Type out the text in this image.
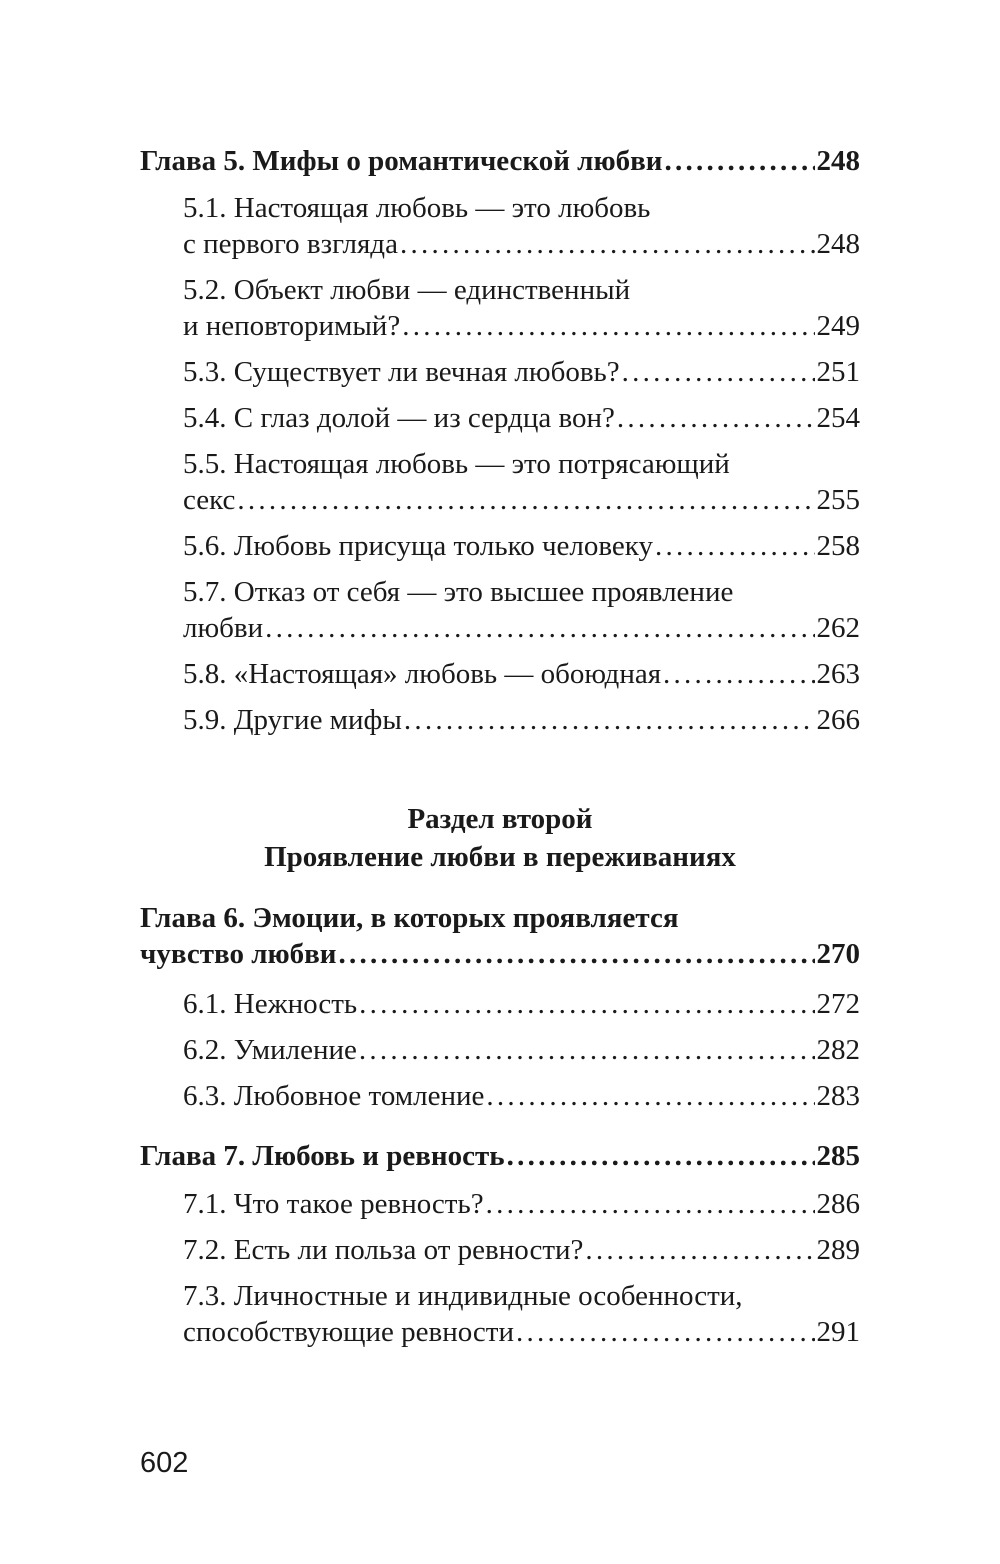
Глава 5. Мифы о романтической любви . . .	248
5.1. Настоящая любовь — это любовь
с первого взгляда . . .	248
5.2. Объект любви — единственный
и неповторимый? . . .	249
5.3. Существует ли вечная любовь? . . .	251
5.4. С глаз долой — из сердца вон? . . .	254
5.5. Настоящая любовь — это потрясающий
секс . . .	255
5.6. Любовь присуща только человеку . . .	258
5.7. Отказ от себя — это высшее проявление
любви . . .	262
5.8. «Настоящая» любовь — обоюдная . . .	263
5.9. Другие мифы . . .	266
Раздел второй
Проявление любви в переживаниях
Глава 6. Эмоции, в которых проявляется
чувство любви . . .	270
6.1. Нежность . . .	272
6.2. Умиление . . .	282
6.3. Любовное томление . . .	283
Глава 7. Любовь и ревность . . .	285
7.1. Что такое ревность? . . .	286
7.2. Есть ли польза от ревности? . . .	289
7.3. Личностные и индивидные особенности,
способствующие ревности . . .	291
602
